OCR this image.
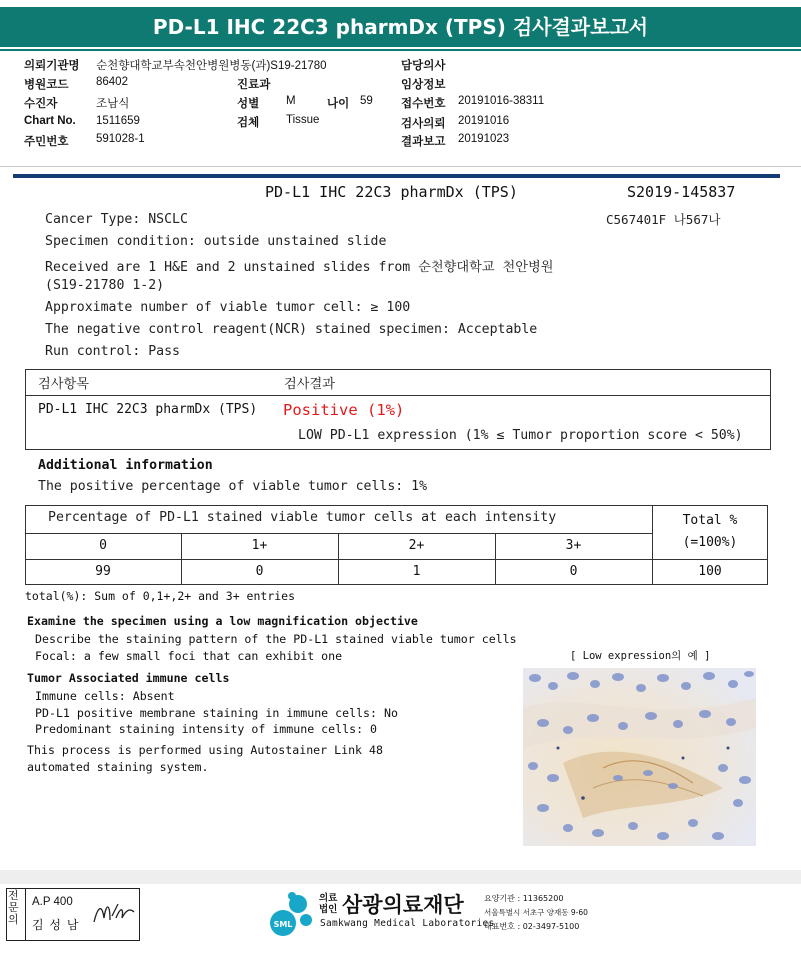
PD-L1 IHC 22C3 pharmDx (TPS) 검사결과보고서
의뢰기관명 순천향대학교부속천안병원병동(과)S19-21780
병원코드 86402	진료과
수진자	조남식	성별 M	나이 59
Chart No. 1511659	검체 Tissue
주민번호 591028-1
담당의사
임상정보
접수번호 20191016-38311
검사의뢰 20191016
결과보고 20191023
PD-L1 IHC 22C3 pharmDx (TPS)	S2019-145837
C567401F 나567나
Cancer Type: NSCLC
Specimen condition: outside unstained slide
Received are 1 H&E and 2 unstained slides from 순천향대학교 천안병원
(S19-21780 1-2)
Approximate number of viable tumor cell: ≥ 100
The negative control reagent(NCR) stained specimen: Acceptable
Run control: Pass
검사항목	검사결과
PD-L1 IHC 22C3 pharmDx (TPS) Positive (1%)
LOW PD-L1 expression (1% ≤ Tumor proportion score < 50%)
Additional information
The positive percentage of viable tumor cells: 1%
Percentage of PD-L1 stained viable tumor cells at each intensity	Total %
(=100%)
0	1+	2+	3+
99	0	1	0	100
total(%): Sum of 0,1+,2+ and 3+ entries
Examine the specimen using a low magnification objective
Describe the staining pattern of the PD-L1 stained viable tumor cells
Focal: a few small foci that can exhibit one	[ Low expression의 예 ]
Tumor Associated immune cells
Immune cells: Absent
PD-L1 positive membrane staining in immune cells: No
Predominant staining intensity of immune cells: 0
This process is performed using Autostainer Link 48
automated staining system.
전문의
A.P 400
김 성 남	SML
의료
법인 삼광의료재단
Samkwang Medical Laboratories
요양기관 : 11365200
서울특별시 서초구 양재동 9-60
대표번호 : 02-3497-5100
